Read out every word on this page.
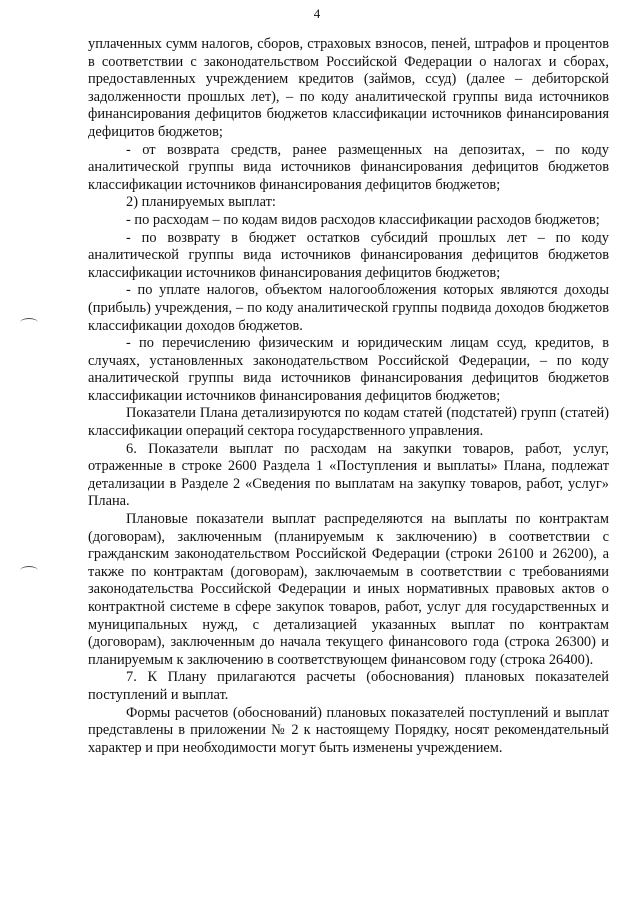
4

уплаченных сумм налогов, сборов, страховых взносов, пеней, штрафов и процентов в соответствии с законодательством Российской Федерации о налогах и сборах, предоставленных учреждением кредитов (займов, ссуд) (далее – дебиторской задолженности прошлых лет), – по коду аналитической группы вида источников финансирования дефицитов бюджетов классификации источников финансирования дефицитов бюджетов;

- от возврата средств, ранее размещенных на депозитах, – по коду аналитической группы вида источников финансирования дефицитов бюджетов классификации источников финансирования дефицитов бюджетов;

2) планируемых выплат:

- по расходам – по кодам видов расходов классификации расходов бюджетов;

- по возврату в бюджет остатков субсидий прошлых лет – по коду аналитической группы вида источников финансирования дефицитов бюджетов классификации источников финансирования дефицитов бюджетов;

- по уплате налогов, объектом налогообложения которых являются доходы (прибыль) учреждения, – по коду аналитической группы подвида доходов бюджетов классификации доходов бюджетов.

- по перечислению физическим и юридическим лицам ссуд, кредитов, в случаях, установленных законодательством Российской Федерации, – по коду аналитической группы вида источников финансирования дефицитов бюджетов классификации источников финансирования дефицитов бюджетов;

Показатели Плана детализируются по кодам статей (подстатей) групп (статей) классификации операций сектора государственного управления.

6. Показатели выплат по расходам на закупки товаров, работ, услуг, отраженные в строке 2600 Раздела 1 «Поступления и выплаты» Плана, подлежат детализации в Разделе 2 «Сведения по выплатам на закупку товаров, работ, услуг» Плана.

Плановые показатели выплат распределяются на выплаты по контрактам (договорам), заключенным (планируемым к заключению) в соответствии с гражданским законодательством Российской Федерации (строки 26100 и 26200), а также по контрактам (договорам), заключаемым в соответствии с требованиями законодательства Российской Федерации и иных нормативных правовых актов о контрактной системе в сфере закупок товаров, работ, услуг для государственных и муниципальных нужд, с детализацией указанных выплат по контрактам (договорам), заключенным до начала текущего финансового года (строка 26300) и планируемым к заключению в соответствующем финансовом году (строка 26400).

7. К Плану прилагаются расчеты (обоснования) плановых показателей поступлений и выплат.

Формы расчетов (обоснований) плановых показателей поступлений и выплат представлены в приложении № 2 к настоящему Порядку, носят рекомендательный характер и при необходимости могут быть изменены учреждением.
